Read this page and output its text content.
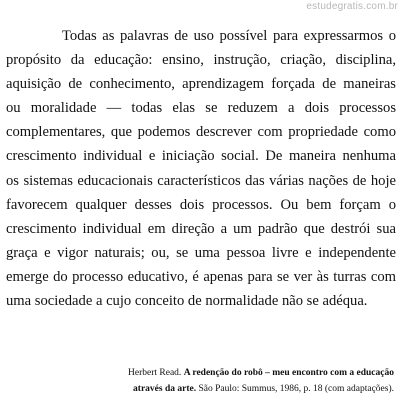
estudegratis.com.br
Todas as palavras de uso possível para expressarmos o
propósito da educação: ensino, instrução, criação, disciplina,
aquisição de conhecimento, aprendizagem forçada de maneiras
ou moralidade — todas elas se reduzem a dois processos
complementares, que podemos descrever com propriedade como
crescimento individual e iniciação social. De maneira nenhuma
os sistemas educacionais característicos das várias nações de hoje
favorecem qualquer desses dois processos. Ou bem forçam o
crescimento individual em direção a um padrão que destrói sua
graça e vigor naturais; ou, se uma pessoa livre e independente
emerge do processo educativo, é apenas para se ver às turras com
uma sociedade a cujo conceito de normalidade não se adéqua.
Herbert Read. A redenção do robô – meu encontro com a educação
através da arte. São Paulo: Summus, 1986, p. 18 (com adaptações).
